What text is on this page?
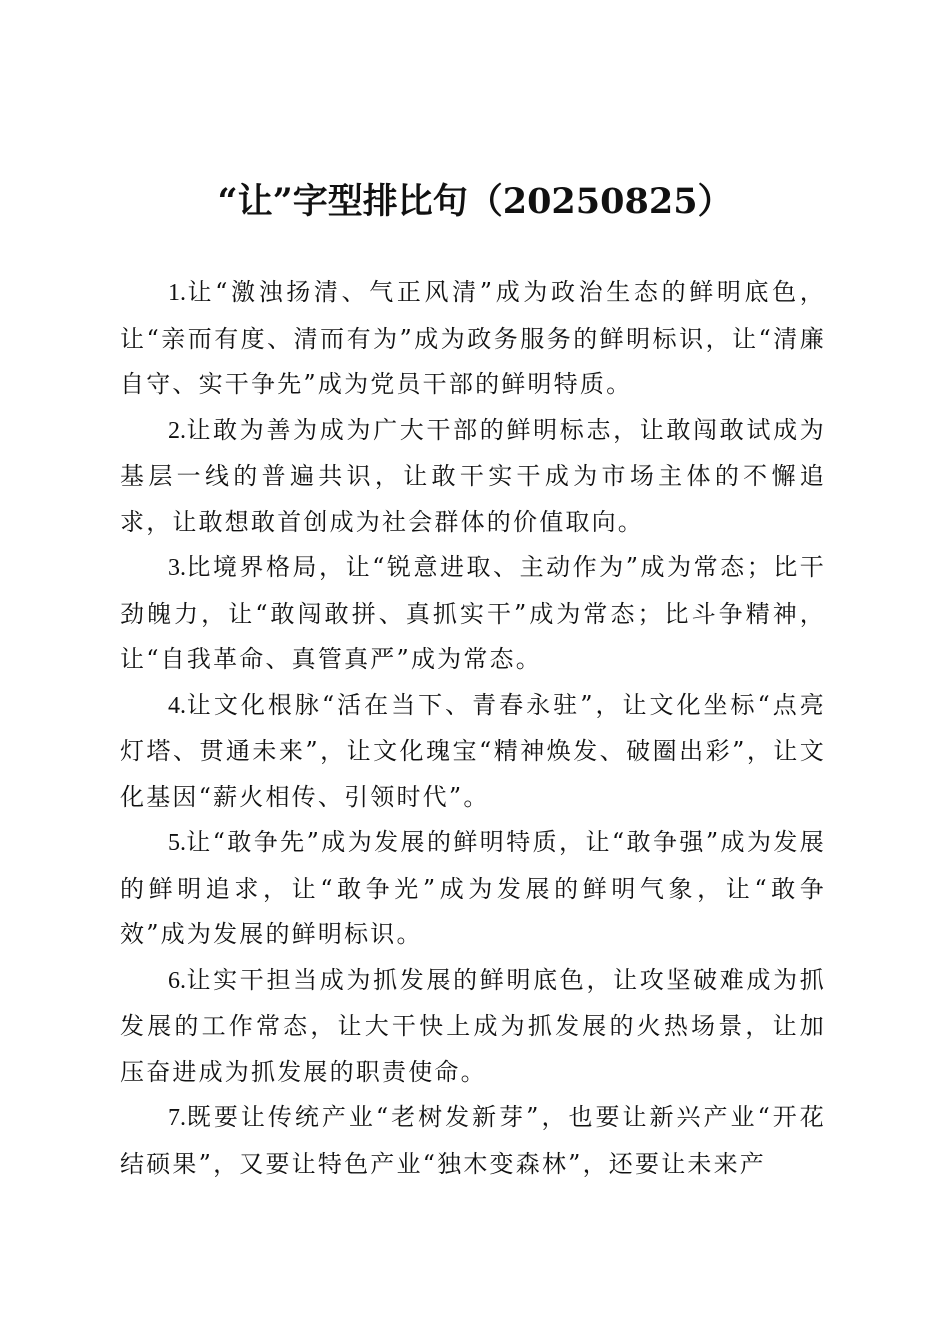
“让”字型排比句（20250825）

1.让“激浊扬清、气正风清”成为政治生态的鲜明底色，让“亲而有度、清而有为”成为政务服务的鲜明标识，让“清廉自守、实干争先”成为党员干部的鲜明特质。

2.让敢为善为成为广大干部的鲜明标志，让敢闯敢试成为基层一线的普遍共识，让敢干实干成为市场主体的不懈追求，让敢想敢首创成为社会群体的价值取向。

3.比境界格局，让“锐意进取、主动作为”成为常态；比干劲魄力，让“敢闯敢拼、真抓实干”成为常态；比斗争精神，让“自我革命、真管真严”成为常态。

4.让文化根脉“活在当下、青春永驻”，让文化坐标“点亮灯塔、贯通未来”，让文化瑰宝“精神焕发、破圈出彩”，让文化基因“薪火相传、引领时代”。

5.让“敢争先”成为发展的鲜明特质，让“敢争强”成为发展的鲜明追求，让“敢争光”成为发展的鲜明气象，让“敢争效”成为发展的鲜明标识。

6.让实干担当成为抓发展的鲜明底色，让攻坚破难成为抓发展的工作常态，让大干快上成为抓发展的火热场景，让加压奋进成为抓发展的职责使命。

7.既要让传统产业“老树发新芽”，也要让新兴产业“开花结硕果”，又要让特色产业“独木变森林”，还要让未来产
